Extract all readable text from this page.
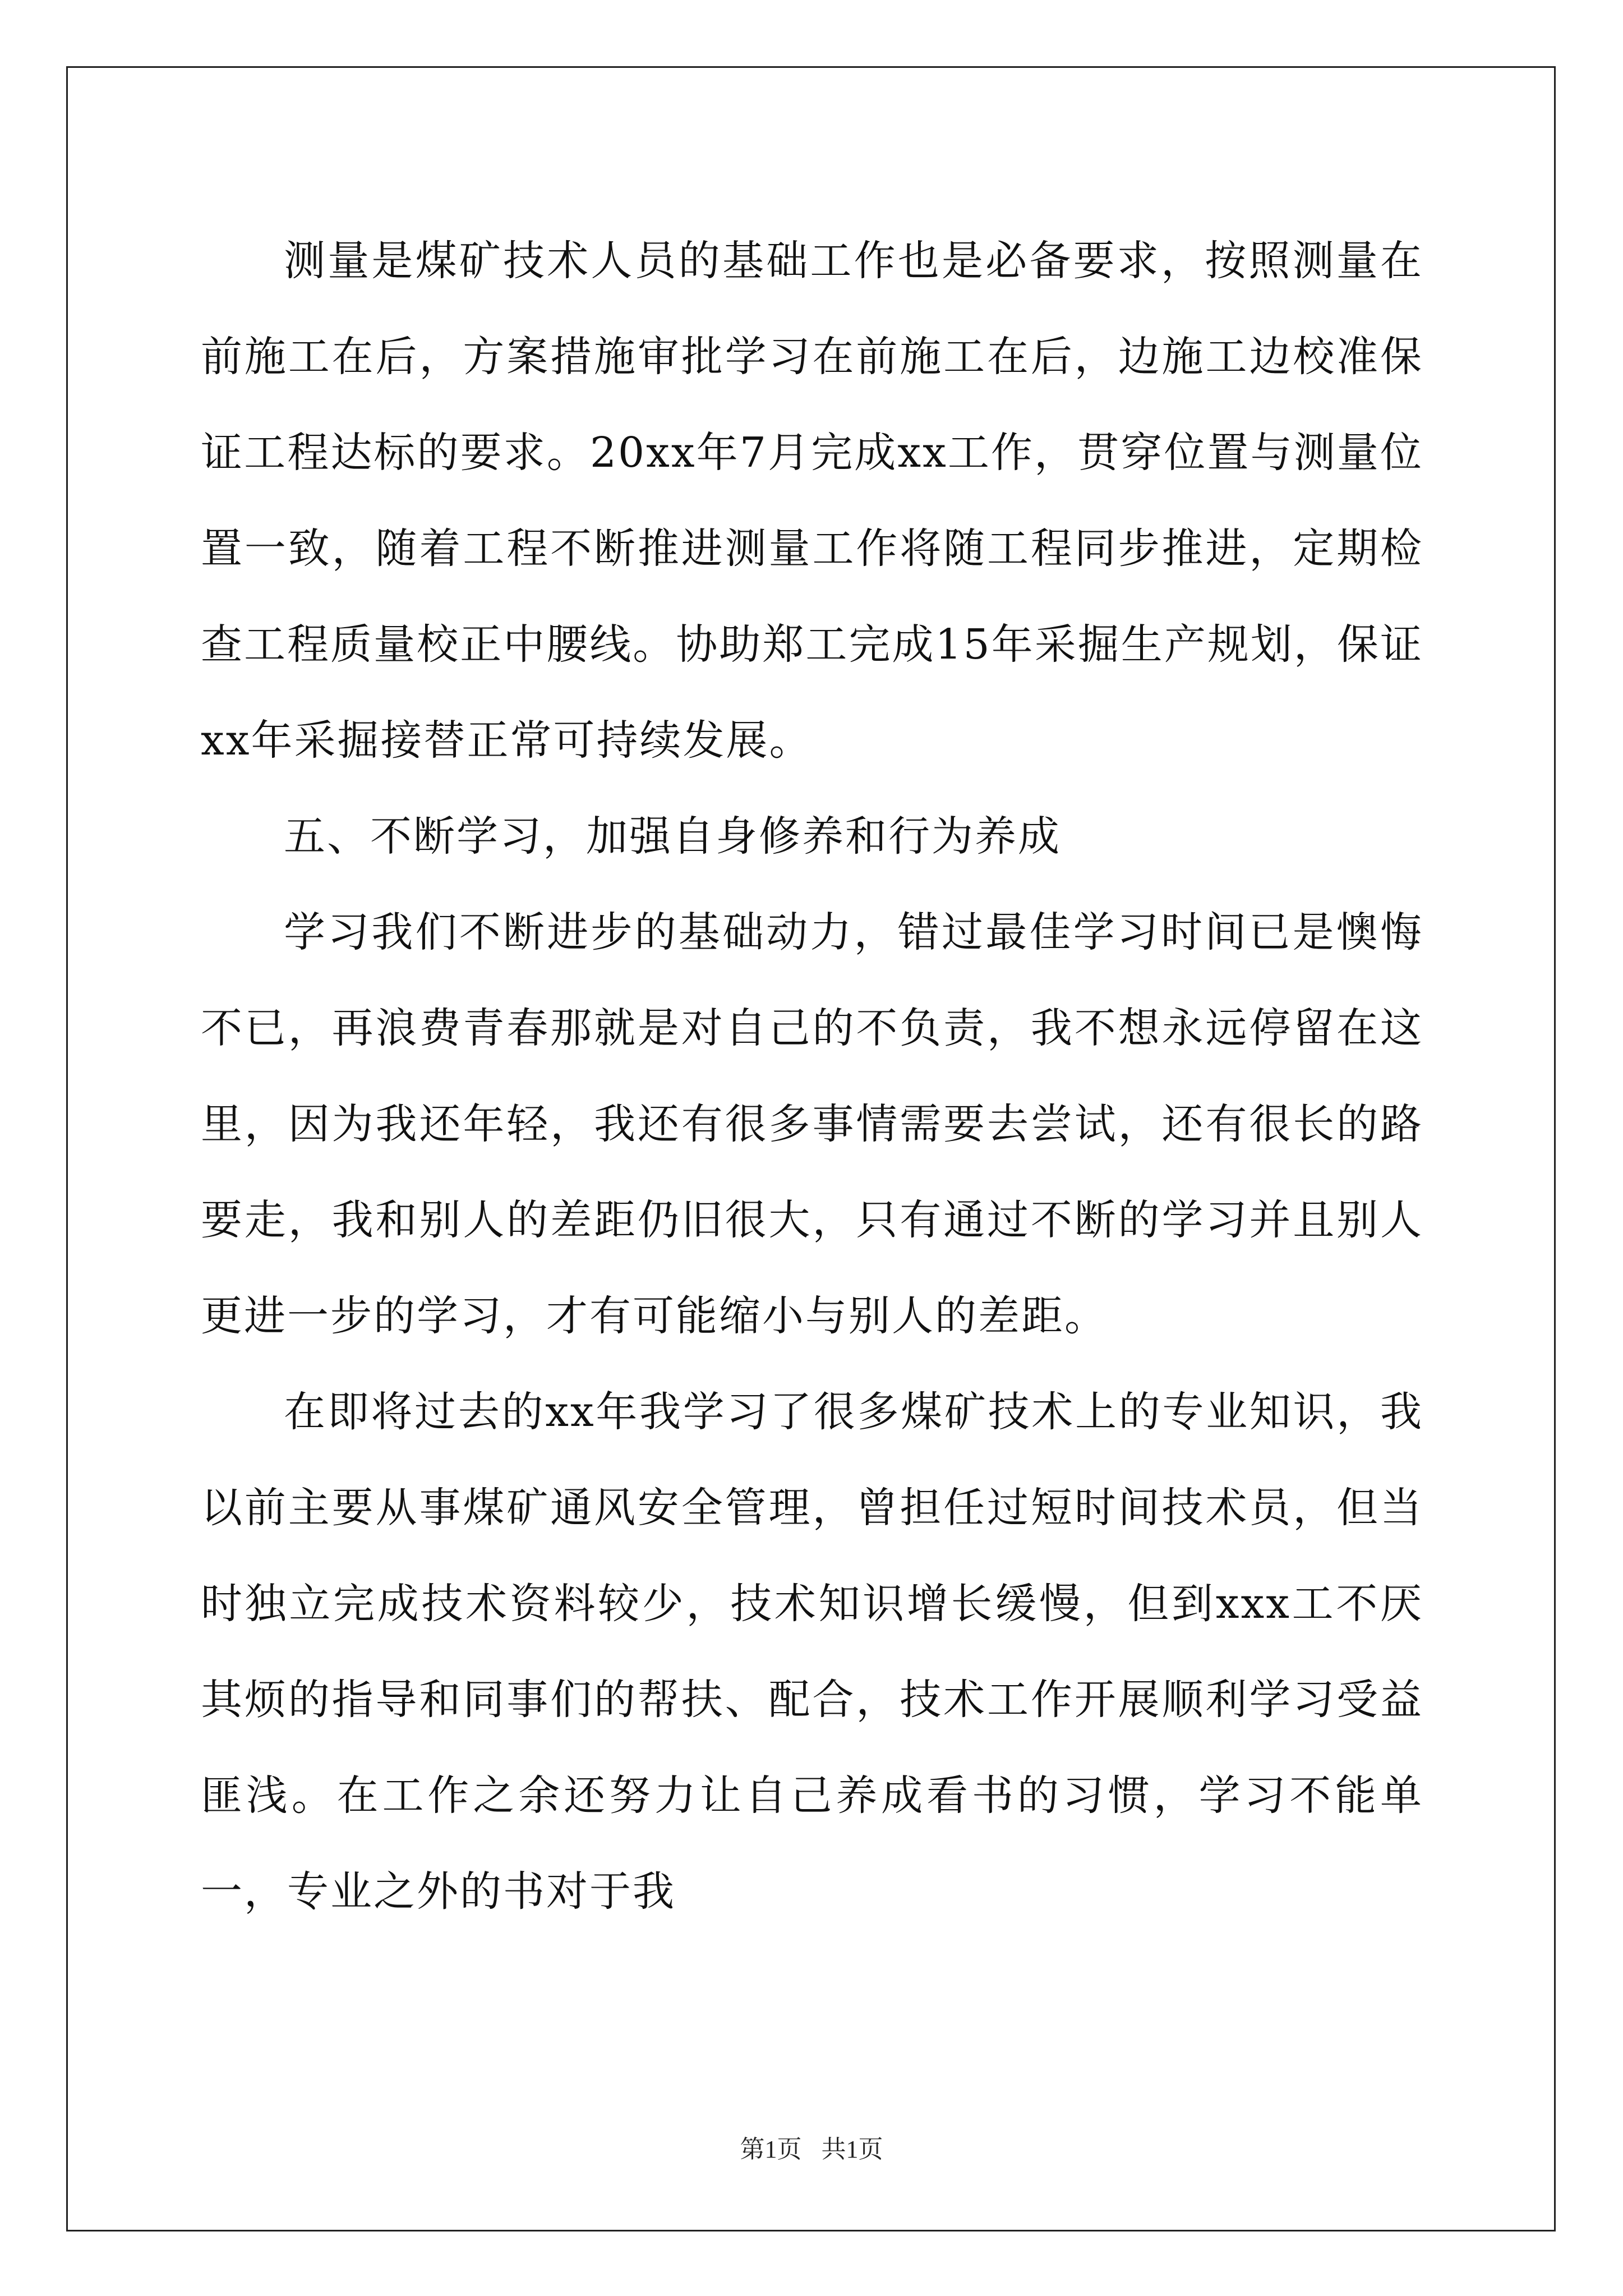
测量是煤矿技术人员的基础工作也是必备要求，按照测量在前施工在后，方案措施审批学习在前施工在后，边施工边校准保证工程达标的要求。20xx年7月完成xx工作，贯穿位置与测量位置一致，随着工程不断推进测量工作将随工程同步推进，定期检查工程质量校正中腰线。协助郑工完成15年采掘生产规划，保证xx年采掘接替正常可持续发展。

五、不断学习，加强自身修养和行为养成

学习我们不断进步的基础动力，错过最佳学习时间已是懊悔不已，再浪费青春那就是对自己的不负责，我不想永远停留在这里，因为我还年轻，我还有很多事情需要去尝试，还有很长的路要走，我和别人的差距仍旧很大，只有通过不断的学习并且别人更进一步的学习，才有可能缩小与别人的差距。

在即将过去的xx年我学习了很多煤矿技术上的专业知识，我以前主要从事煤矿通风安全管理，曾担任过短时间技术员，但当时独立完成技术资料较少，技术知识增长缓慢，但到xxx工不厌其烦的指导和同事们的帮扶、配合，技术工作开展顺利学习受益匪浅。在工作之余还努力让自己养成看书的习惯，学习不能单一，专业之外的书对于我

第1页 共1页
